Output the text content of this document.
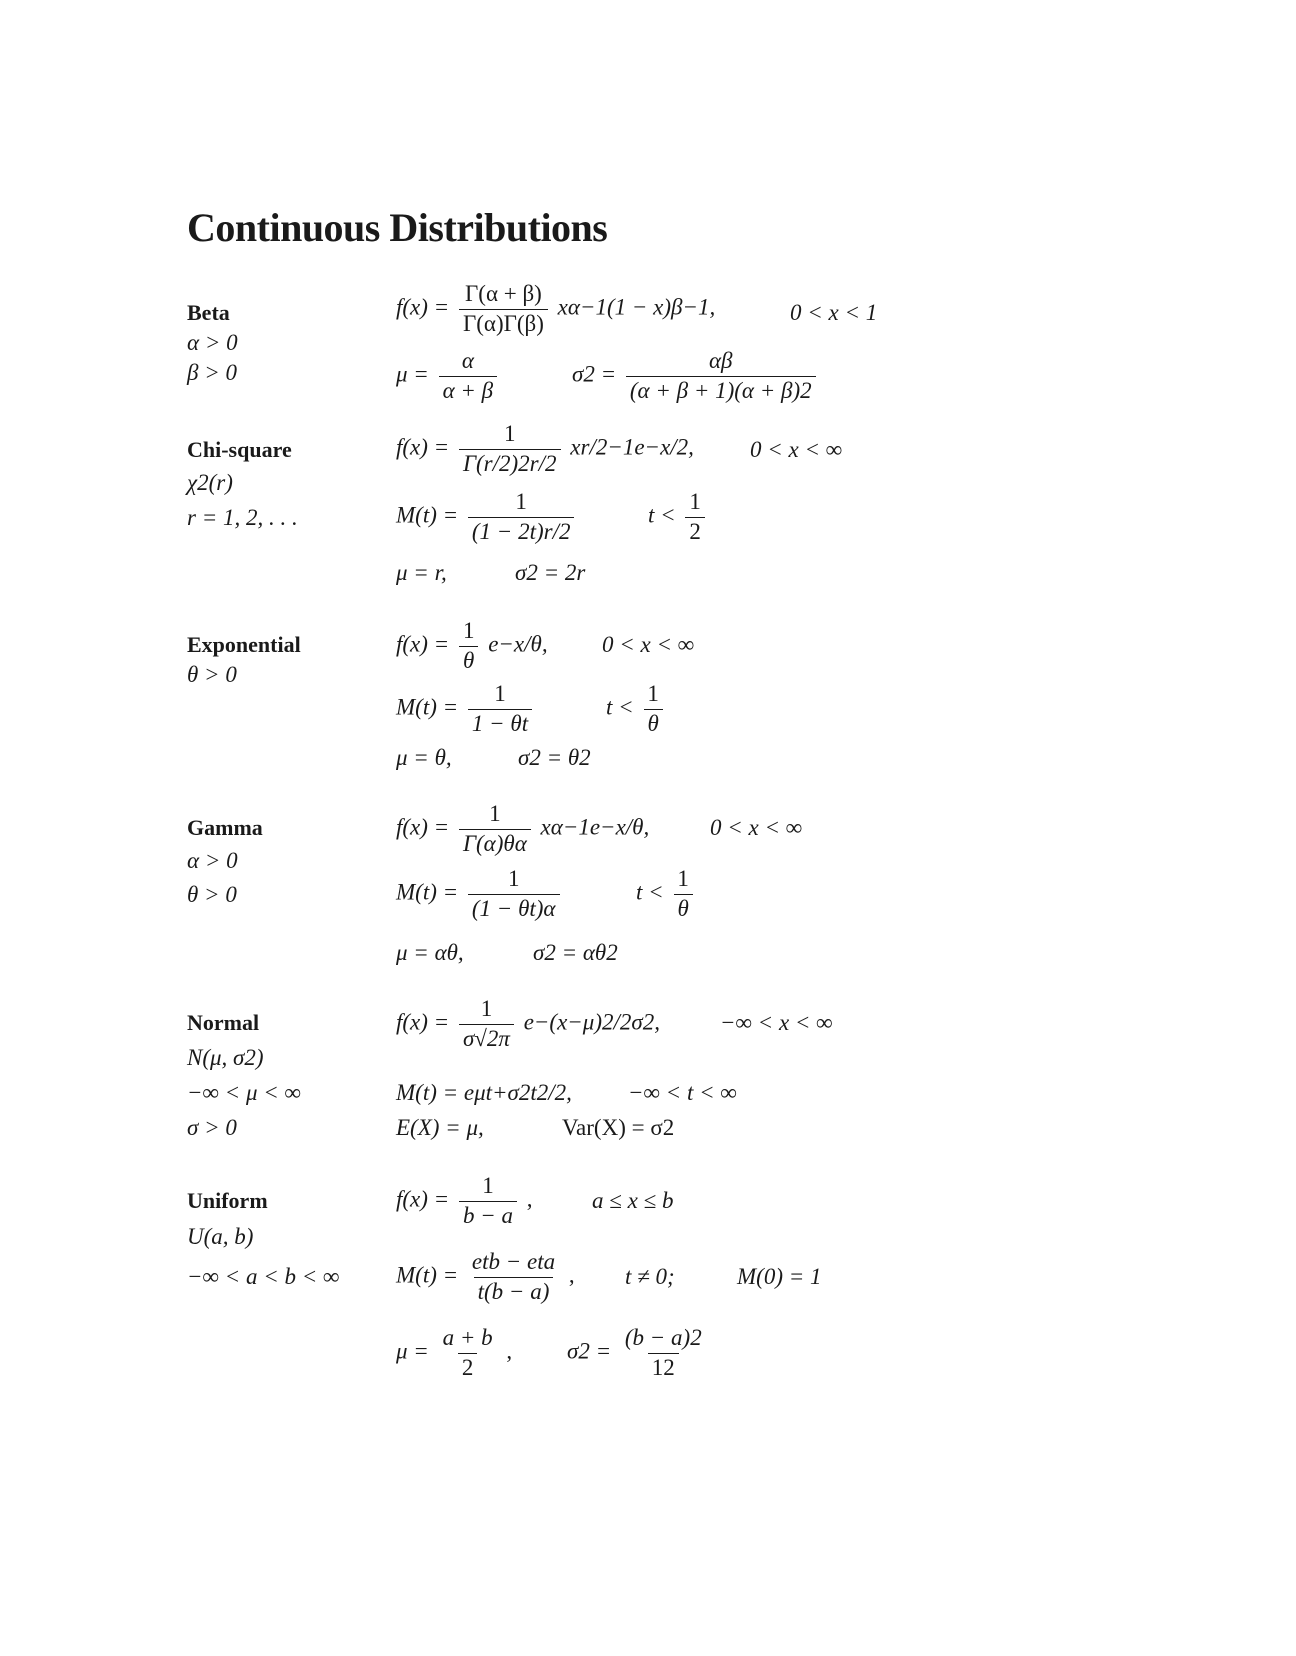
Continuous Distributions
Beta
α > 0
β > 0
$f(x) = \frac{\Gamma(\alpha + \beta)}{\Gamma(\alpha)\Gamma(\beta)} x\alpha-1(1 - x)\beta-1$,	0 < x < 1
$\mu = \frac{\alpha}{\alpha + \beta}$	$\sigma 2 = \frac{\alpha\beta}{(\alpha + \beta + 1)(\alpha + \beta)2}$
Chi-square
χ2(r)
r = 1, 2, . . .
$f(x) = \frac{1}{\Gamma(r/2)2r/2} xr/2-1e-x/2$, 0 < x < ∞
$M(t) = \frac{1}{(1 - 2t)r/2}$	$t < \frac{1}{2}$
μ = r,	σ2 = 2r
Exponential
θ > 0
$f(x) = \frac{1}{\theta} e-x/\theta$, 0 < x < ∞
$M(t) = \frac{1}{1 - \theta t}$	$t < \frac{1}{\theta}$
μ = θ,	σ2 = θ2
Gamma
α > 0
θ > 0
$f(x) = \frac{1}{\Gamma(\alpha)\theta\alpha} x\alpha-1e-x/\theta$,	0 < x < ∞
$M(t) = \frac{1}{(1 - \theta t)\alpha}$	$t < \frac{1}{\theta}$
μ = αθ,	σ2 = αθ2
Normal
N(μ, σ2)
−∞ < μ < ∞
σ > 0
$f(x) = \frac{1}{\sigma√2\pi} e-(x-\mu)2/2\sigma 2$,	−∞ < x < ∞
M(t) = eμt+σ2t2/2, −∞ < t < ∞
E(X) = μ,	Var(X) = σ2
Uniform
U(a, b)
−∞ < a < b < ∞
$f(x) = \frac{1}{b - a}$ ,	a ≤ x ≤ b
M(t) =
etb − eta
t(b − a)
, t ≠ 0;	M(0) = 1
$\mu = \frac{a + b}{2}$ , $\sigma 2 = \frac{(b - a)2}{12}$
